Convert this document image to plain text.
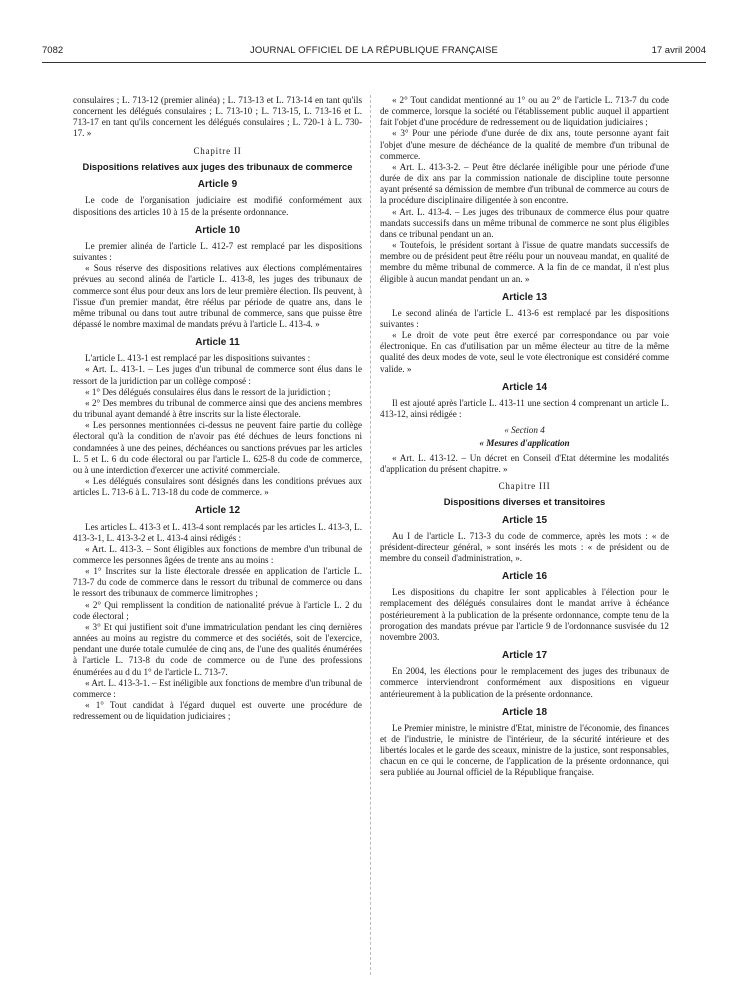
7082	JOURNAL OFFICIEL DE LA RÉPUBLIQUE FRANÇAISE	17 avril 2004

consulaires ; L. 713-12 (premier alinéa) ; L. 713-13 et L. 713-14 en tant qu'ils concernent les délégués consulaires ; L. 713-10 ; L. 713-15, L. 713-16 et L. 713-17 en tant qu'ils concernent les délégués consulaires ; L. 720-1 à L. 730-17. »

Chapitre II
Dispositions relatives aux juges des tribunaux de commerce
Article 9

Le code de l'organisation judiciaire est modifié conformément aux dispositions des articles 10 à 15 de la présente ordonnance.

Article 10

Le premier alinéa de l'article L. 412-7 est remplacé par les dispositions suivantes :

« Sous réserve des dispositions relatives aux élections complémentaires prévues au second alinéa de l'article L. 413-8, les juges des tribunaux de commerce sont élus pour deux ans lors de leur première élection. Ils peuvent, à l'issue d'un premier mandat, être réélus par période de quatre ans, dans le même tribunal ou dans tout autre tribunal de commerce, sans que puisse être dépassé le nombre maximal de mandats prévu à l'article L. 413-4. »

Article 11

L'article L. 413-1 est remplacé par les dispositions suivantes :

« Art. L. 413-1. – Les juges d'un tribunal de commerce sont élus dans le ressort de la juridiction par un collège composé :

« 1° Des délégués consulaires élus dans le ressort de la juridiction ;

« 2° Des membres du tribunal de commerce ainsi que des anciens membres du tribunal ayant demandé à être inscrits sur la liste électorale.

« Les personnes mentionnées ci-dessus ne peuvent faire partie du collège électoral qu'à la condition de n'avoir pas été déchues de leurs fonctions ni condamnées à une des peines, déchéances ou sanctions prévues par les articles L. 5 et L. 6 du code électoral ou par l'article L. 625-8 du code de commerce, ou à une interdiction d'exercer une activité commerciale.

« Les délégués consulaires sont désignés dans les conditions prévues aux articles L. 713-6 à L. 713-18 du code de commerce. »

Article 12

Les articles L. 413-3 et L. 413-4 sont remplacés par les articles L. 413-3, L. 413-3-1, L. 413-3-2 et L. 413-4 ainsi rédigés :

« Art. L. 413-3. – Sont éligibles aux fonctions de membre d'un tribunal de commerce les personnes âgées de trente ans au moins :

« 1° Inscrites sur la liste électorale dressée en application de l'article L. 713-7 du code de commerce dans le ressort du tribunal de commerce ou dans le ressort des tribunaux de commerce limitrophes ;

« 2° Qui remplissent la condition de nationalité prévue à l'article L. 2 du code électoral ;

« 3° Et qui justifient soit d'une immatriculation pendant les cinq dernières années au moins au registre du commerce et des sociétés, soit de l'exercice, pendant une durée totale cumulée de cinq ans, de l'une des qualités énumérées à l'article L. 713-8 du code de commerce ou de l'une des professions énumérées au d du 1° de l'article L. 713-7.

« Art. L. 413-3-1. – Est inéligible aux fonctions de membre d'un tribunal de commerce :

« 1° Tout candidat à l'égard duquel est ouverte une procédure de redressement ou de liquidation judiciaires ;

« 2° Tout candidat mentionné au 1° ou au 2° de l'article L. 713-7 du code de commerce, lorsque la société ou l'établissement public auquel il appartient fait l'objet d'une procédure de redressement ou de liquidation judiciaires ;

« 3° Pour une période d'une durée de dix ans, toute personne ayant fait l'objet d'une mesure de déchéance de la qualité de membre d'un tribunal de commerce.

« Art. L. 413-3-2. – Peut être déclarée inéligible pour une période d'une durée de dix ans par la commission nationale de discipline toute personne ayant présenté sa démission de membre d'un tribunal de commerce au cours de la procédure disciplinaire diligentée à son encontre.

« Art. L. 413-4. – Les juges des tribunaux de commerce élus pour quatre mandats successifs dans un même tribunal de commerce ne sont plus éligibles dans ce tribunal pendant un an.

« Toutefois, le président sortant à l'issue de quatre mandats successifs de membre ou de président peut être réélu pour un nouveau mandat, en qualité de membre du même tribunal de commerce. A la fin de ce mandat, il n'est plus éligible à aucun mandat pendant un an. »

Article 13

Le second alinéa de l'article L. 413-6 est remplacé par les dispositions suivantes :

« Le droit de vote peut être exercé par correspondance ou par voie électronique. En cas d'utilisation par un même électeur au titre de la même qualité des deux modes de vote, seul le vote électronique est considéré comme valide. »

Article 14

Il est ajouté après l'article L. 413-11 une section 4 comprenant un article L. 413-12, ainsi rédigée :

« Section 4
« Mesures d'application

« Art. L. 413-12. – Un décret en Conseil d'Etat détermine les modalités d'application du présent chapitre. »

Chapitre III
Dispositions diverses et transitoires
Article 15

Au I de l'article L. 713-3 du code de commerce, après les mots : « de président-directeur général, » sont insérés les mots : « de président ou de membre du conseil d'administration, ».

Article 16

Les dispositions du chapitre Ier sont applicables à l'élection pour le remplacement des délégués consulaires dont le mandat arrive à échéance postérieurement à la publication de la présente ordonnance, compte tenu de la prorogation des mandats prévue par l'article 9 de l'ordonnance susvisée du 12 novembre 2003.

Article 17

En 2004, les élections pour le remplacement des juges des tribunaux de commerce interviendront conformément aux dispositions en vigueur antérieurement à la publication de la présente ordonnance.

Article 18

Le Premier ministre, le ministre d'Etat, ministre de l'économie, des finances et de l'industrie, le ministre de l'intérieur, de la sécurité intérieure et des libertés locales et le garde des sceaux, ministre de la justice, sont responsables, chacun en ce qui le concerne, de l'application de la présente ordonnance, qui sera publiée au Journal officiel de la République française.
